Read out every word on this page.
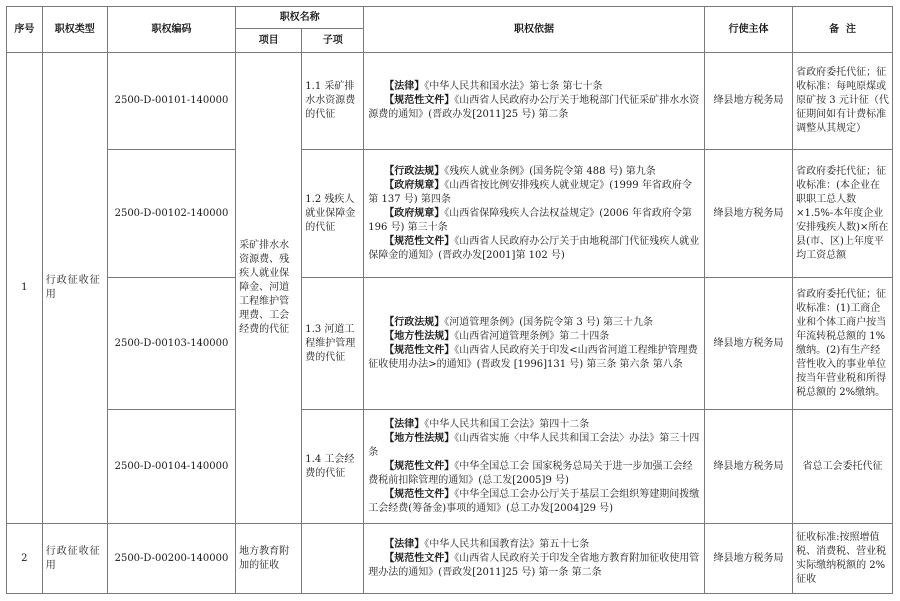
序号	职权类型	职权编码	职权名称		职权依据	行使主体	备  注
			项目	子项			
1	行政征收征用	2500-D-00101-140000	采矿排水水资源费、残疾人就业保障金、河道工程维护管理费、工会经费的代征	1.1 采矿排水水资源费的代征	【法律】《中华人民共和国水法》第七条 第七十条

【规范性文件】《山西省人民政府办公厅关于地税部门代征采矿排水水资源费的通知》(晋政办发[2011]25 号) 第二条	绛县地方税务局	省政府委托代征；征收标准：每吨原煤或原矿按 3 元计征（代征期间如有计费标准调整从其规定）
		2500-D-00102-140000		1.2 残疾人就业保障金的代征	【行政法规】《残疾人就业条例》(国务院令第 488 号) 第九条

【政府规章】《山西省按比例安排残疾人就业规定》(1999 年省政府令第 137 号) 第四条

【政府规章】《山西省保障残疾人合法权益规定》(2006 年省政府令第 196 号) 第三十条

【规范性文件】《山西省人民政府办公厅关于由地税部门代征残疾人就业保障金的通知》(晋政办发[2001]第 102 号)	绛县地方税务局	省政府委托代征；征收标准：(本企业在职职工总人数×1.5%-本年度企业安排残疾人数)×所在县(市、区)上年度平均工资总额
		2500-D-00103-140000		1.3 河道工程维护管理费的代征	【行政法规】《河道管理条例》(国务院令第 3 号) 第三十九条

【地方性法规】《山西省河道管理条例》第二十四条

【规范性文件】《山西省人民政府关于印发<山西省河道工程维护管理费征收使用办法>的通知》(晋政发 [1996]131 号) 第三条 第六条 第八条	绛县地方税务局	省政府委托代征；征收标准：(1)工商企业和个体工商户按当年流转税总额的 1%缴纳。(2)有生产经营性收入的事业单位按当年营业税和所得税总额的 2%缴纳。
		2500-D-00104-140000		1.4 工会经费的代征	【法律】《中华人民共和国工会法》第四十二条

【地方性法规】《山西省实施〈中华人民共和国工会法〉办法》第三十四条

【规范性文件】《中华全国总工会 国家税务总局关于进一步加强工会经费税前扣除管理的通知》(总工发[2005]9 号)

【规范性文件】《中华全国总工会办公厅关于基层工会组织筹建期间拨缴工会经费(筹备金)事项的通知》(总工办发[2004]29 号)	绛县地方税务局	省总工会委托代征
2	行政征收征用	2500-D-00200-140000	地方教育附加的征收		【法律】《中华人民共和国教育法》第五十七条

【规范性文件】《山西省人民政府关于印发全省地方教育附加征收使用管理办法的通知》(晋政发[2011]25 号) 第一条 第二条	绛县地方税务局	征收标准:按照增值税、消费税、营业税实际缴纳税额的 2%征收
